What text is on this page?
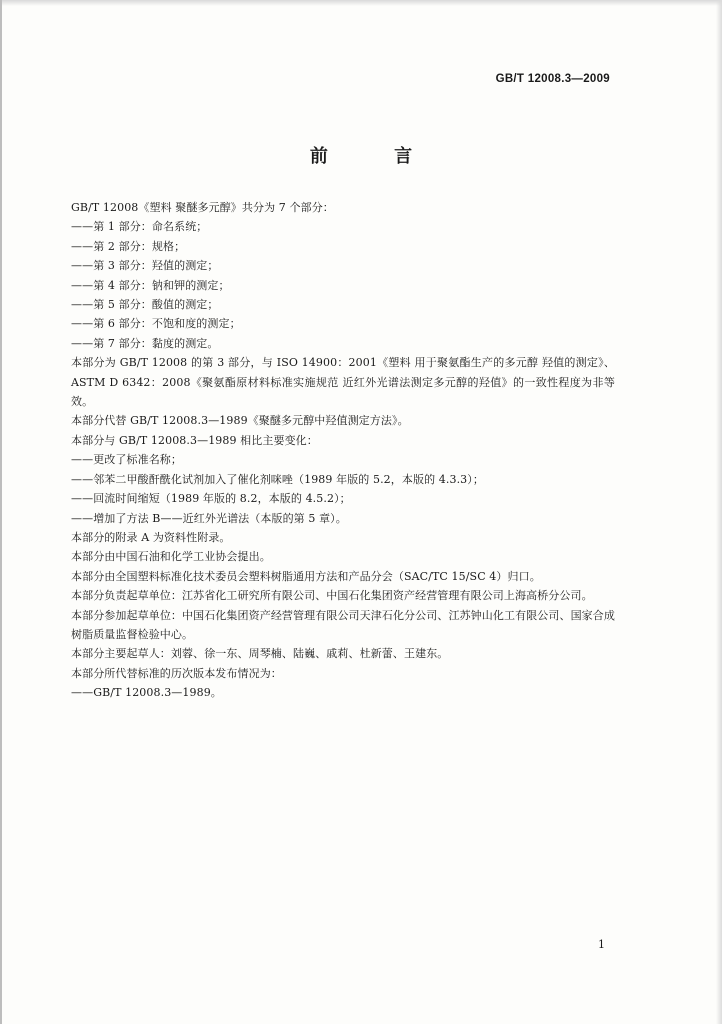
GB/T 12008.3—2009
前 言

GB/T 12008《塑料 聚醚多元醇》共分为 7 个部分：

——第 1 部分：命名系统；

——第 2 部分：规格；

——第 3 部分：羟值的测定；

——第 4 部分：钠和钾的测定；

——第 5 部分：酸值的测定；

——第 6 部分：不饱和度的测定；

——第 7 部分：黏度的测定。

本部分为 GB/T 12008 的第 3 部分，与 ISO 14900：2001《塑料 用于聚氨酯生产的多元醇 羟值的测定》、ASTM D 6342：2008《聚氨酯原材料标准实施规范 近红外光谱法测定多元醇的羟值》的一致性程度为非等效。

本部分代替 GB/T 12008.3—1989《聚醚多元醇中羟值测定方法》。

本部分与 GB/T 12008.3—1989 相比主要变化：

——更改了标准名称；

——邻苯二甲酸酐酰化试剂加入了催化剂咪唑（1989 年版的 5.2，本版的 4.3.3）；

——回流时间缩短（1989 年版的 8.2，本版的 4.5.2）；

——增加了方法 B——近红外光谱法（本版的第 5 章）。

本部分的附录 A 为资料性附录。

本部分由中国石油和化学工业协会提出。

本部分由全国塑料标准化技术委员会塑料树脂通用方法和产品分会（SAC/TC 15/SC 4）归口。

本部分负责起草单位：江苏省化工研究所有限公司、中国石化集团资产经营管理有限公司上海高桥分公司。

本部分参加起草单位：中国石化集团资产经营管理有限公司天津石化分公司、江苏钟山化工有限公司、国家合成树脂质量监督检验中心。

本部分主要起草人：刘蓉、徐一东、周琴楠、陆巍、戚莉、杜新蕾、王建东。

本部分所代替标准的历次版本发布情况为：

——GB/T 12008.3—1989。

1
